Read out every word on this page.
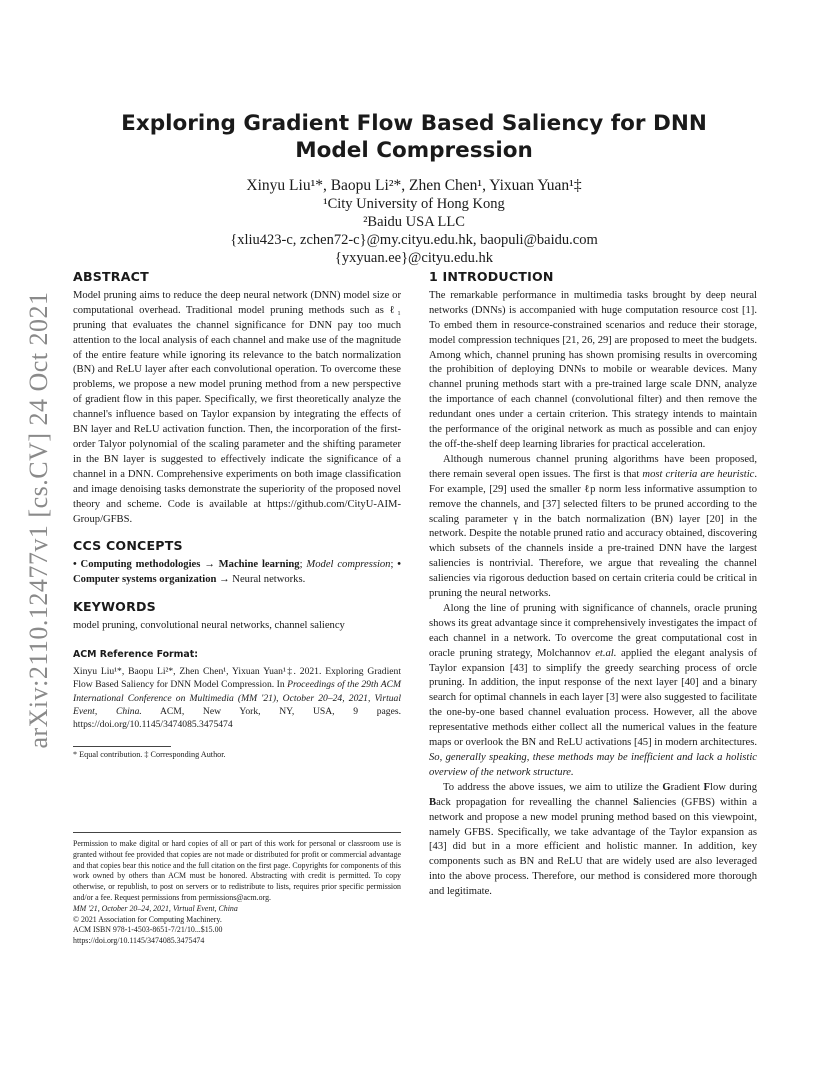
arXiv:2110.12477v1 [cs.CV] 24 Oct 2021
Exploring Gradient Flow Based Saliency for DNN Model Compression
Xinyu Liu¹*, Baopu Li²*, Zhen Chen¹, Yixuan Yuan¹‡
¹City University of Hong Kong
²Baidu USA LLC
{xliu423-c, zchen72-c}@my.cityu.edu.hk, baopuli@baidu.com
{yxyuan.ee}@cityu.edu.hk
ABSTRACT

Model pruning aims to reduce the deep neural network (DNN) model size or computational overhead. Traditional model pruning methods such as ℓ₁ pruning that evaluates the channel significance for DNN pay too much attention to the local analysis of each channel and make use of the magnitude of the entire feature while ignoring its relevance to the batch normalization (BN) and ReLU layer after each convolutional operation. To overcome these problems, we propose a new model pruning method from a new perspective of gradient flow in this paper. Specifically, we first theoretically analyze the channel's influence based on Taylor expansion by integrating the effects of BN layer and ReLU activation function. Then, the incorporation of the first-order Talyor polynomial of the scaling parameter and the shifting parameter in the BN layer is suggested to effectively indicate the significance of a channel in a DNN. Comprehensive experiments on both image classification and image denoising tasks demonstrate the superiority of the proposed novel theory and scheme. Code is available at https://github.com/CityU-AIM-Group/GFBS.

CCS CONCEPTS

• Computing methodologies → Machine learning; Model compression; • Computer systems organization → Neural networks.

KEYWORDS

model pruning, convolutional neural networks, channel saliency

ACM Reference Format:

Xinyu Liu¹*, Baopu Li²*, Zhen Chen¹, Yixuan Yuan¹‡. 2021. Exploring Gradient Flow Based Saliency for DNN Model Compression. In Proceedings of the 29th ACM International Conference on Multimedia (MM '21), October 20–24, 2021, Virtual Event, China. ACM, New York, NY, USA, 9 pages. https://doi.org/10.1145/3474085.3475474

* Equal contribution. ‡ Corresponding Author.

Permission to make digital or hard copies of all or part of this work for personal or classroom use is granted without fee provided that copies are not made or distributed for profit or commercial advantage and that copies bear this notice and the full citation on the first page. Copyrights for components of this work owned by others than ACM must be honored. Abstracting with credit is permitted. To copy otherwise, or republish, to post on servers or to redistribute to lists, requires prior specific permission and/or a fee. Request permissions from permissions@acm.org.

MM '21, October 20–24, 2021, Virtual Event, China

© 2021 Association for Computing Machinery.

ACM ISBN 978-1-4503-8651-7/21/10...$15.00

https://doi.org/10.1145/3474085.3475474

1 INTRODUCTION

The remarkable performance in multimedia tasks brought by deep neural networks (DNNs) is accompanied with huge computation resource cost [1]. To embed them in resource-constrained scenarios and reduce their storage, model compression techniques [21, 26, 29] are proposed to meet the budgets. Among which, channel pruning has shown promising results in overcoming the prohibition of deploying DNNs to mobile or wearable devices. Many channel pruning methods start with a pre-trained large scale DNN, analyze the importance of each channel (convolutional filter) and then remove the redundant ones under a certain criterion. This strategy intends to maintain the performance of the original network as much as possible and can enjoy the off-the-shelf deep learning libraries for practical acceleration.

Although numerous channel pruning algorithms have been proposed, there remain several open issues. The first is that most criteria are heuristic. For example, [29] used the smaller ℓp norm less informative assumption to remove the channels, and [37] selected filters to be pruned according to the scaling parameter γ in the batch normalization (BN) layer [20] in the network. Despite the notable pruned ratio and accuracy obtained, discovering which subsets of the channels inside a pre-trained DNN have the largest saliencies is nontrivial. Therefore, we argue that revealing the channel saliencies via rigorous deduction based on certain criteria could be critical in pruning the neural networks.

Along the line of pruning with significance of channels, oracle pruning shows its great advantage since it comprehensively investigates the impact of each channel in a network. To overcome the great computational cost in oracle pruning strategy, Molchannov et.al. applied the elegant analysis of Taylor expansion [43] to simplify the greedy searching process of orcle pruning. In addition, the input response of the next layer [40] and a binary search for optimal channels in each layer [3] were also suggested to facilitate the one-by-one based channel evaluation process. However, all the above representative methods either collect all the numerical values in the feature maps or overlook the BN and ReLU activations [45] in modern architectures. So, generally speaking, these methods may be inefficient and lack a holistic overview of the network structure.

To address the above issues, we aim to utilize the Gradient Flow during Back propagation for revealling the channel Saliencies (GFBS) within a network and propose a new model pruning method based on this viewpoint, namely GFBS. Specifically, we take advantage of the Taylor expansion as [43] did but in a more efficient and holistic manner. In addition, key components such as BN and ReLU that are widely used are also leveraged into the above process. Therefore, our method is considered more thorough and legitimate.
